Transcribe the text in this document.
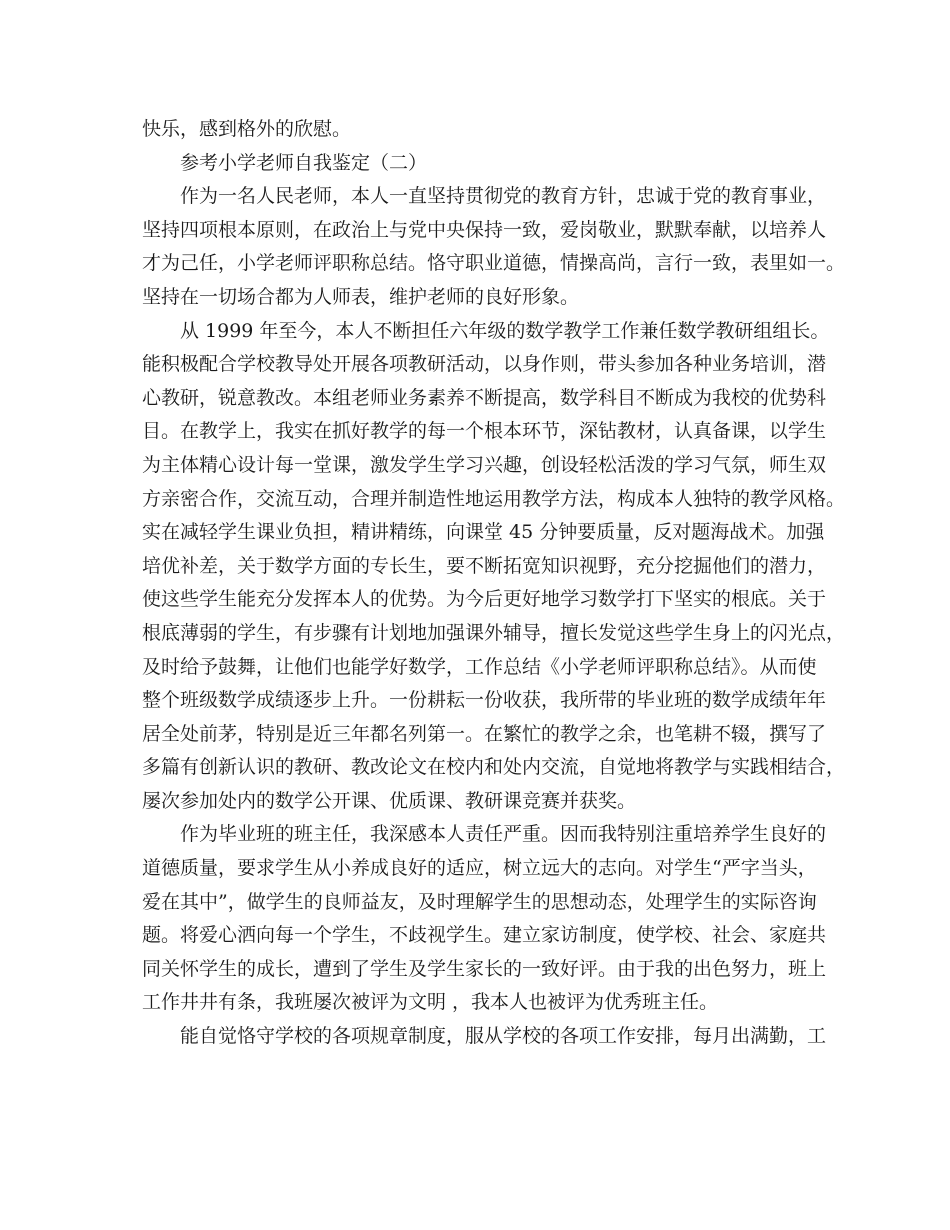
快乐，感到格外的欣慰。
参考小学老师自我鉴定（二）
作为一名人民老师，本人一直坚持贯彻党的教育方针，忠诚于党的教育事业，
坚持四项根本原则，在政治上与党中央保持一致，爱岗敬业，默默奉献，以培养人
才为己任，小学老师评职称总结。恪守职业道德，情操高尚，言行一致，表里如一。
坚持在一切场合都为人师表，维护老师的良好形象。
从 1999 年至今，本人不断担任六年级的数学教学工作兼任数学教研组组长。
能积极配合学校教导处开展各项教研活动，以身作则，带头参加各种业务培训，潜
心教研，锐意教改。本组老师业务素养不断提高，数学科目不断成为我校的优势科
目。在教学上，我实在抓好教学的每一个根本环节，深钻教材，认真备课，以学生
为主体精心设计每一堂课，激发学生学习兴趣，创设轻松活泼的学习气氛，师生双
方亲密合作，交流互动，合理并制造性地运用教学方法，构成本人独特的教学风格。
实在减轻学生课业负担，精讲精练，向课堂 45 分钟要质量，反对题海战术。加强
培优补差，关于数学方面的专长生，要不断拓宽知识视野，充分挖掘他们的潜力，
使这些学生能充分发挥本人的优势。为今后更好地学习数学打下坚实的根底。关于
根底薄弱的学生，有步骤有计划地加强课外辅导，擅长发觉这些学生身上的闪光点，
及时给予鼓舞，让他们也能学好数学，工作总结《小学老师评职称总结》。从而使
整个班级数学成绩逐步上升。一份耕耘一份收获，我所带的毕业班的数学成绩年年
居全处前茅，特别是近三年都名列第一。在繁忙的教学之余，也笔耕不辍，撰写了
多篇有创新认识的教研、教改论文在校内和处内交流，自觉地将教学与实践相结合，
屡次参加处内的数学公开课、优质课、教研课竞赛并获奖。
作为毕业班的班主任，我深感本人责任严重。因而我特别注重培养学生良好的
道德质量，要求学生从小养成良好的适应，树立远大的志向。对学生“严字当头，
爱在其中”，做学生的良师益友，及时理解学生的思想动态，处理学生的实际咨询
题。将爱心洒向每一个学生，不歧视学生。建立家访制度，使学校、社会、家庭共
同关怀学生的成长，遭到了学生及学生家长的一致好评。由于我的出色努力，班上
工作井井有条，我班屡次被评为文明 ，我本人也被评为优秀班主任。
能自觉恪守学校的各项规章制度，服从学校的各项工作安排，每月出满勤，工
